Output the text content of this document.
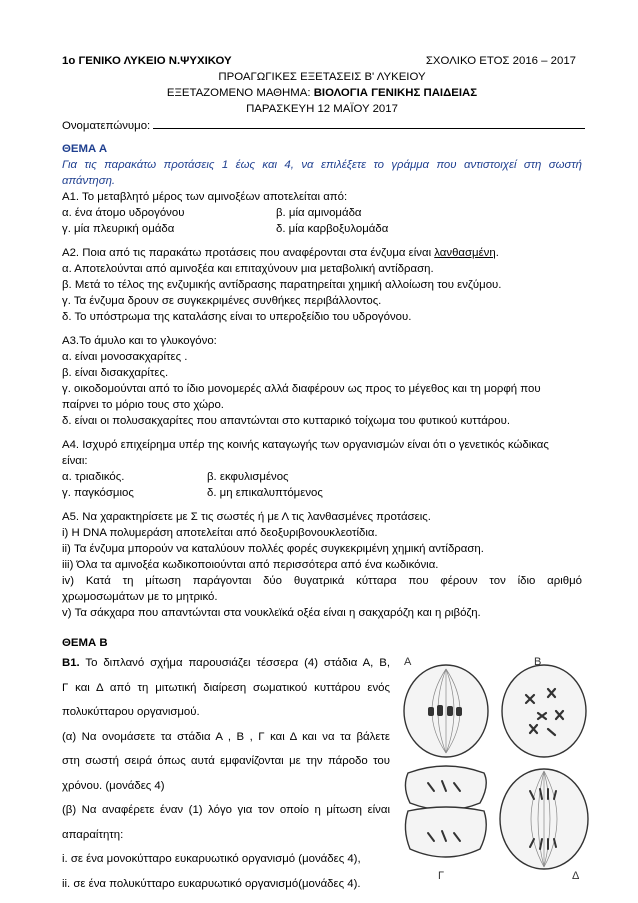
1ο ΓΕΝΙΚΟ ΛΥΚΕΙΟ Ν.ΨΥΧΙΚΟΥ	ΣΧΟΛΙΚΟ ΕΤΟΣ 2016 – 2017
ΠΡΟΑΓΩΓΙΚΕΣ ΕΞΕΤΑΣΕΙΣ Β' ΛΥΚΕΙΟΥ
ΕΞΕΤΑΖΟΜΕΝΟ ΜΑΘΗΜΑ: ΒΙΟΛΟΓΙΑ ΓΕΝΙΚΗΣ ΠΑΙΔΕΙΑΣ
ΠΑΡΑΣΚΕΥΗ 12 ΜΑΪΟΥ 2017
Ονοματεπώνυμο:
ΘΕΜΑ Α
Για τις παρακάτω προτάσεις 1 έως και 4, να επιλέξετε το γράμμα που αντιστοιχεί στη σωστή
απάντηση.
Α1. Το μεταβλητό μέρος των αμινοξέων αποτελείται από:
α. ένα άτομο υδρογόνου	β. μία αμινομάδα
γ. μία πλευρική ομάδα	δ. μία καρβοξυλομάδα
Α2. Ποια από τις παρακάτω προτάσεις που αναφέρονται στα ένζυμα είναι λανθασμένη.
α. Αποτελούνται από αμινοξέα και επιταχύνουν μια μεταβολική αντίδραση.
β. Μετά το τέλος της ενζυμικής αντίδρασης παρατηρείται χημική αλλοίωση του ενζύμου.
γ. Τα ένζυμα δρουν σε συγκεκριμένες συνθήκες περιβάλλοντος.
δ. Το υπόστρωμα της καταλάσης είναι το υπεροξείδιο του υδρογόνου.
Α3.Το άμυλο και το γλυκογόνο:
α. είναι μονοσακχαρίτες .
β. είναι δισακχαρίτες.
γ. οικοδομούνται από το ίδιο μονομερές αλλά διαφέρουν ως προς το μέγεθος και τη μορφή που
παίρνει το μόριο τους στο χώρο.
δ. είναι οι πολυσακχαρίτες που απαντώνται στο κυτταρικό τοίχωμα του φυτικού κυττάρου.
Α4. Ισχυρό επιχείρημα υπέρ της κοινής καταγωγής των οργανισμών είναι ότι ο γενετικός κώδικας
είναι:
α. τριαδικός.	β. εκφυλισμένος
γ. παγκόσμιος	δ. μη επικαλυπτόμενος
Α5. Να χαρακτηρίσετε με Σ τις σωστές ή με Λ τις λανθασμένες προτάσεις.
i) Η DNA πολυμεράση αποτελείται από δεοξυριβονουκλεοτίδια.
ii) Τα ένζυμα μπορούν να καταλύουν πολλές φορές συγκεκριμένη χημική αντίδραση.
iii) Όλα τα αμινοξέα κωδικοποιούνται από περισσότερα από ένα κωδικόνια.
iv) Κατά τη μίτωση παράγονται δύο θυγατρικά κύτταρα που φέρουν τον ίδιο αριθμό
χρωμοσωμάτων με το μητρικό.
v) Τα σάκχαρα που απαντώνται στα νουκλεϊκά οξέα είναι η σακχαρόζη και η ριβόζη.
ΘΕΜΑ Β
Β1. Το διπλανό σχήμα παρουσιάζει τέσσερα (4) στάδια Α, Β,
Γ και Δ από τη μιτωτική διαίρεση σωματικού κυττάρου ενός
πολυκύτταρου οργανισμού.
(α) Να ονομάσετε τα στάδια Α , Β , Γ και Δ και να τα βάλετε
στη σωστή σειρά όπως αυτά εμφανίζονται με την πάροδο του
χρόνου. (μονάδες 4)
(β) Να αναφέρετε έναν (1) λόγο για τον οποίο η μίτωση είναι
απαραίτητη:
i. σε ένα μονοκύτταρο ευκαρυωτικό οργανισμό (μονάδες 4),
ii. σε ένα πολυκύτταρο ευκαρυωτικό οργανισμό(μονάδες 4).
Α	Β
Γ	Δ
